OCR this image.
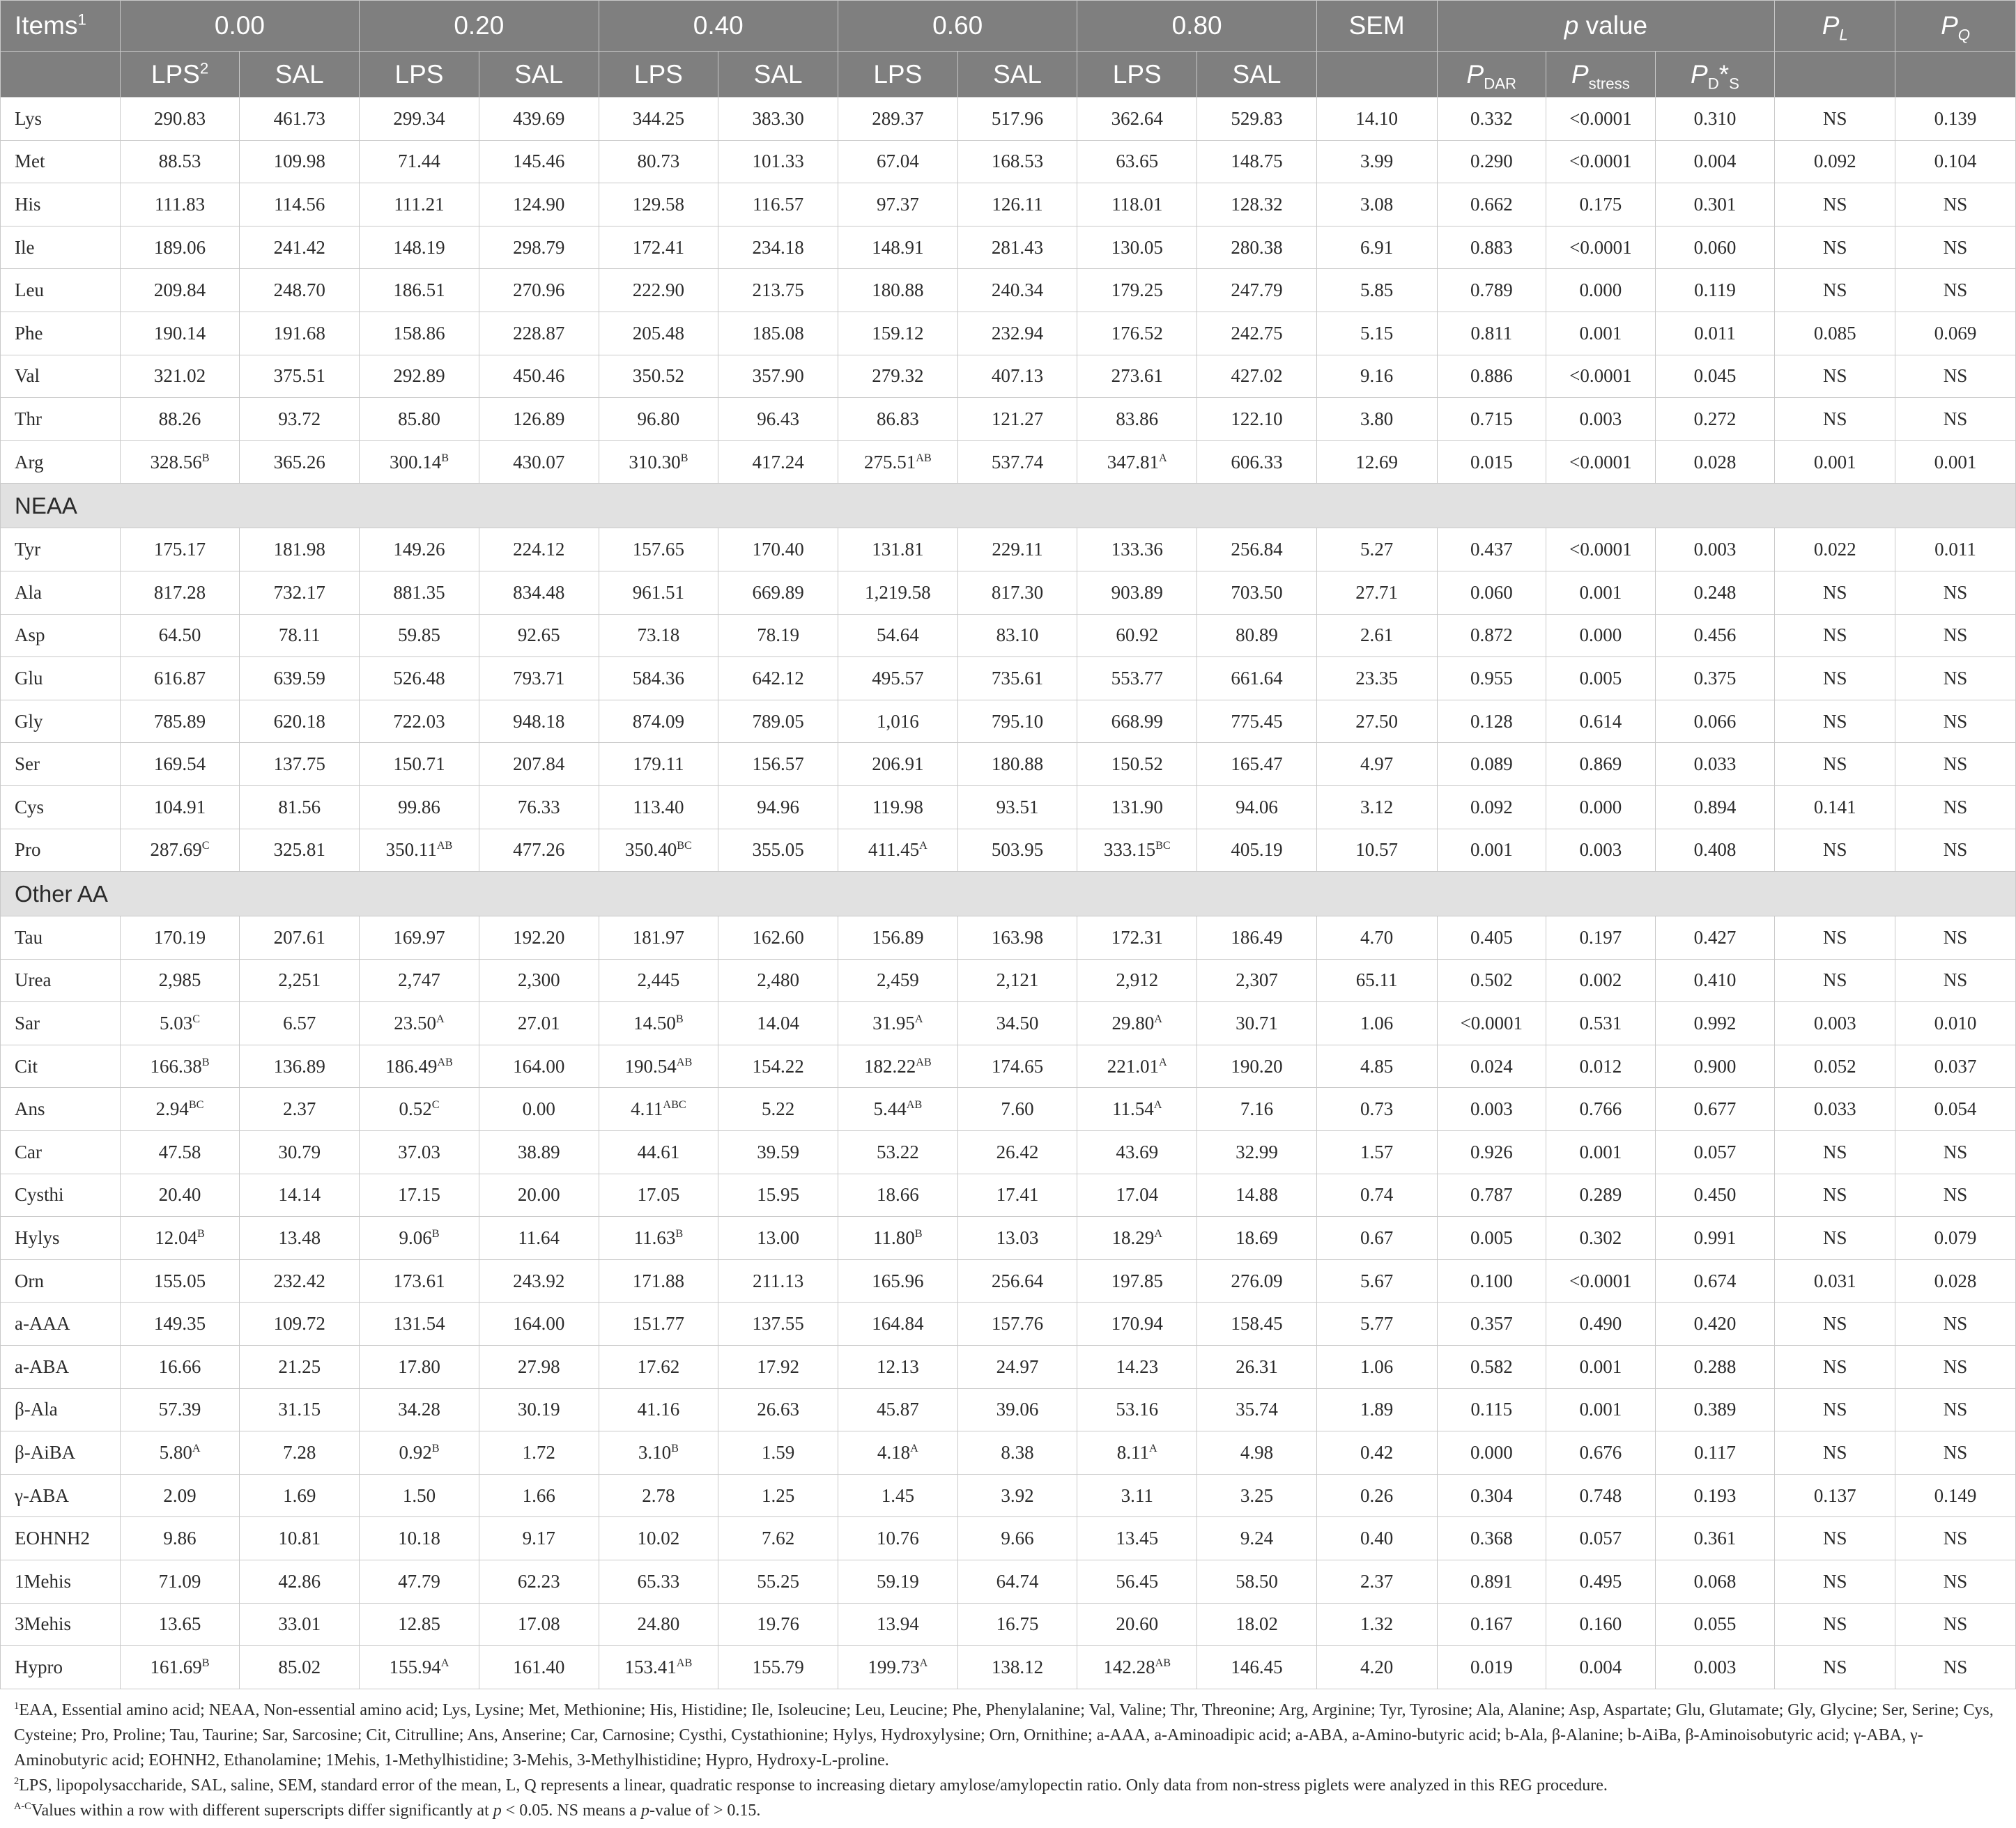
Items$^1$	0.00		0.20		0.40		0.60		0.80		SEM	p value			$P_L$	$P_Q$
	LPS$^2$	SAL	LPS	SAL	LPS	SAL	LPS	SAL	LPS	SAL		$P_{DAR}$	$P_{stress}$	$P_D*_S$		
Lys	290.83	461.73	299.34	439.69	344.25	383.30	289.37	517.96	362.64	529.83	14.10	0.332	<0.0001	0.310	NS	0.139
Met	88.53	109.98	71.44	145.46	80.73	101.33	67.04	168.53	63.65	148.75	3.99	0.290	<0.0001	0.004	0.092	0.104
His	111.83	114.56	111.21	124.90	129.58	116.57	97.37	126.11	118.01	128.32	3.08	0.662	0.175	0.301	NS	NS
Ile	189.06	241.42	148.19	298.79	172.41	234.18	148.91	281.43	130.05	280.38	6.91	0.883	<0.0001	0.060	NS	NS
Leu	209.84	248.70	186.51	270.96	222.90	213.75	180.88	240.34	179.25	247.79	5.85	0.789	0.000	0.119	NS	NS
Phe	190.14	191.68	158.86	228.87	205.48	185.08	159.12	232.94	176.52	242.75	5.15	0.811	0.001	0.011	0.085	0.069
Val	321.02	375.51	292.89	450.46	350.52	357.90	279.32	407.13	273.61	427.02	9.16	0.886	<0.0001	0.045	NS	NS
Thr	88.26	93.72	85.80	126.89	96.80	96.43	86.83	121.27	83.86	122.10	3.80	0.715	0.003	0.272	NS	NS
Arg	$328.56^B$	365.26	$300.14^B$	430.07	$310.30^B$	417.24	$275.51^{AB}$	537.74	$347.81^A$	606.33	12.69	0.015	<0.0001	0.028	0.001	0.001
NEAA																
Tyr	175.17	181.98	149.26	224.12	157.65	170.40	131.81	229.11	133.36	256.84	5.27	0.437	<0.0001	0.003	0.022	0.011
Ala	817.28	732.17	881.35	834.48	961.51	669.89	1,219.58	817.30	903.89	703.50	27.71	0.060	0.001	0.248	NS	NS
Asp	64.50	78.11	59.85	92.65	73.18	78.19	54.64	83.10	60.92	80.89	2.61	0.872	0.000	0.456	NS	NS
Glu	616.87	639.59	526.48	793.71	584.36	642.12	495.57	735.61	553.77	661.64	23.35	0.955	0.005	0.375	NS	NS
Gly	785.89	620.18	722.03	948.18	874.09	789.05	1,016	795.10	668.99	775.45	27.50	0.128	0.614	0.066	NS	NS
Ser	169.54	137.75	150.71	207.84	179.11	156.57	206.91	180.88	150.52	165.47	4.97	0.089	0.869	0.033	NS	NS
Cys	104.91	81.56	99.86	76.33	113.40	94.96	119.98	93.51	131.90	94.06	3.12	0.092	0.000	0.894	0.141	NS
Pro	$287.69^C$	325.81	$350.11^{AB}$	477.26	$350.40^{BC}$	355.05	$411.45^A$	503.95	$333.15^{BC}$	405.19	10.57	0.001	0.003	0.408	NS	NS
Other AA																
Tau	170.19	207.61	169.97	192.20	181.97	162.60	156.89	163.98	172.31	186.49	4.70	0.405	0.197	0.427	NS	NS
Urea	2,985	2,251	2,747	2,300	2,445	2,480	2,459	2,121	2,912	2,307	65.11	0.502	0.002	0.410	NS	NS
Sar	$5.03^C$	6.57	$23.50^A$	27.01	$14.50^B$	14.04	$31.95^A$	34.50	$29.80^A$	30.71	1.06	<0.0001	0.531	0.992	0.003	0.010
Cit	$166.38^B$	136.89	$186.49^{AB}$	164.00	$190.54^{AB}$	154.22	$182.22^{AB}$	174.65	$221.01^A$	190.20	4.85	0.024	0.012	0.900	0.052	0.037
Ans	$2.94^{BC}$	2.37	$0.52^C$	0.00	$4.11^{ABC}$	5.22	$5.44^{AB}$	7.60	$11.54^A$	7.16	0.73	0.003	0.766	0.677	0.033	0.054
Car	47.58	30.79	37.03	38.89	44.61	39.59	53.22	26.42	43.69	32.99	1.57	0.926	0.001	0.057	NS	NS
Cysthi	20.40	14.14	17.15	20.00	17.05	15.95	18.66	17.41	17.04	14.88	0.74	0.787	0.289	0.450	NS	NS
Hylys	$12.04^B$	13.48	$9.06^B$	11.64	$11.63^B$	13.00	$11.80^B$	13.03	$18.29^A$	18.69	0.67	0.005	0.302	0.991	NS	0.079
Orn	155.05	232.42	173.61	243.92	171.88	211.13	165.96	256.64	197.85	276.09	5.67	0.100	<0.0001	0.674	0.031	0.028
a-AAA	149.35	109.72	131.54	164.00	151.77	137.55	164.84	157.76	170.94	158.45	5.77	0.357	0.490	0.420	NS	NS
a-ABA	16.66	21.25	17.80	27.98	17.62	17.92	12.13	24.97	14.23	26.31	1.06	0.582	0.001	0.288	NS	NS
β-Ala	57.39	31.15	34.28	30.19	41.16	26.63	45.87	39.06	53.16	35.74	1.89	0.115	0.001	0.389	NS	NS
β-AiBA	$5.80^A$	7.28	$0.92^B$	1.72	$3.10^B$	1.59	$4.18^A$	8.38	$8.11^A$	4.98	0.42	0.000	0.676	0.117	NS	NS
γ-ABA	2.09	1.69	1.50	1.66	2.78	1.25	1.45	3.92	3.11	3.25	0.26	0.304	0.748	0.193	0.137	0.149
EOHNH2	9.86	10.81	10.18	9.17	10.02	7.62	10.76	9.66	13.45	9.24	0.40	0.368	0.057	0.361	NS	NS
1Mehis	71.09	42.86	47.79	62.23	65.33	55.25	59.19	64.74	56.45	58.50	2.37	0.891	0.495	0.068	NS	NS
3Mehis	13.65	33.01	12.85	17.08	24.80	19.76	13.94	16.75	20.60	18.02	1.32	0.167	0.160	0.055	NS	NS
Hypro	$161.69^B$	85.02	$155.94^A$	161.40	$153.41^{AB}$	155.79	$199.73^A$	138.12	$142.28^{AB}$	146.45	4.20	0.019	0.004	0.003	NS	NS

$^1$EAA, Essential amino acid; NEAA, Non-essential amino acid; Lys, Lysine; Met, Methionine; His, Histidine; Ile, Isoleucine; Leu, Leucine; Phe, Phenylalanine; Val, Valine; Thr, Threonine; Arg, Arginine; Tyr, Tyrosine; Ala, Alanine; Asp, Aspartate; Glu, Glutamate; Gly, Glycine; Ser, Serine; Cys, Cysteine; Pro, Proline; Tau, Taurine; Sar, Sarcosine; Cit, Citrulline; Ans, Anserine; Car, Carnosine; Cysthi, Cystathionine; Hylys, Hydroxylysine; Orn, Ornithine; a-AAA, a-Aminoadipic acid; a-ABA, a-Amino-butyric acid; b-Ala, β-Alanine; b-AiBa, β-Aminoisobutyric acid; γ-ABA, γ-Aminobutyric acid; EOHNH2, Ethanolamine; 1Mehis, 1-Methylhistidine; 3-Mehis, 3-Methylhistidine; Hypro, Hydroxy-L-proline.

$^2$LPS, lipopolysaccharide, SAL, saline, SEM, standard error of the mean, L, Q represents a linear, quadratic response to increasing dietary amylose/amylopectin ratio. Only data from non-stress piglets were analyzed in this REG procedure.

$^{A-C}$Values within a row with different superscripts differ significantly at p < 0.05. NS means a p-value of > 0.15.
